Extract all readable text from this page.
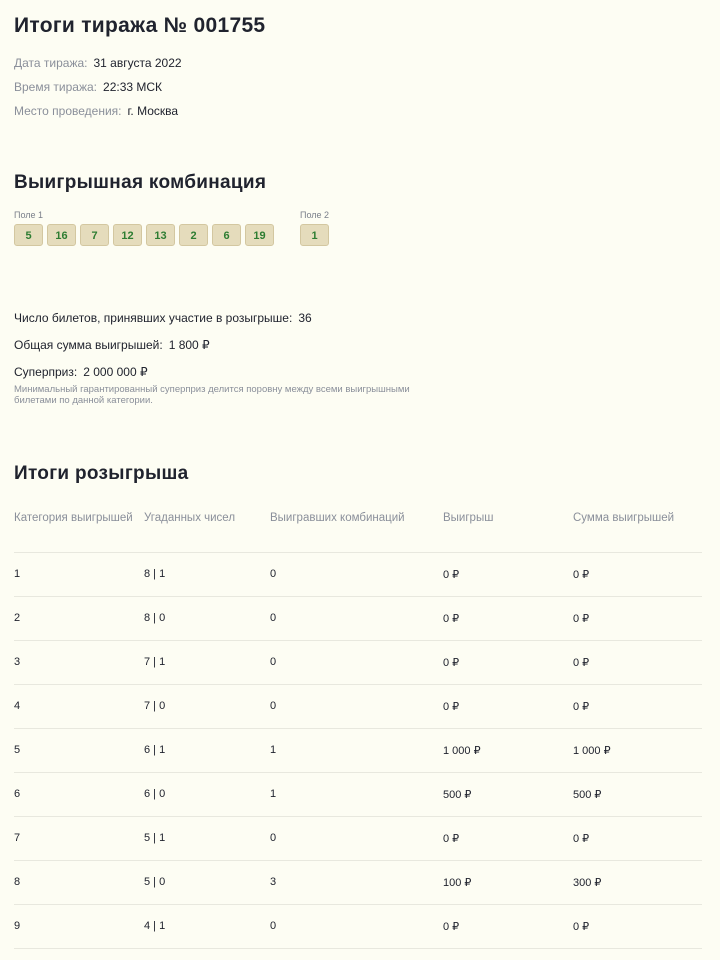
Итоги тиража № 001755
Дата тиража: 31 августа 2022
Время тиража: 22:33 МСК
Место проведения: г. Москва
Выигрышная комбинация
Поле 1
5	16	7	12	13	2	6	19
Поле 2
1
Число билетов, принявших участие в розыгрыше: 36
Общая сумма выигрышей: 1 800 ₽
Суперприз: 2 000 000 ₽
Минимальный гарантированный суперприз делится поровну между всеми выигрышными билетами по данной категории.
Итоги розыгрыша
Категория выигрышей	Угаданных чисел	Выигравших комбинаций	Выигрыш	Сумма выигрышей
1	8 | 1	0	0 ₽	0 ₽
2	8 | 0	0	0 ₽	0 ₽
3	7 | 1	0	0 ₽	0 ₽
4	7 | 0	0	0 ₽	0 ₽
5	6 | 1	1	1 000 ₽	1 000 ₽
6	6 | 0	1	500 ₽	500 ₽
7	5 | 1	0	0 ₽	0 ₽
8	5 | 0	3	100 ₽	300 ₽
9	4 | 1	0	0 ₽	0 ₽
